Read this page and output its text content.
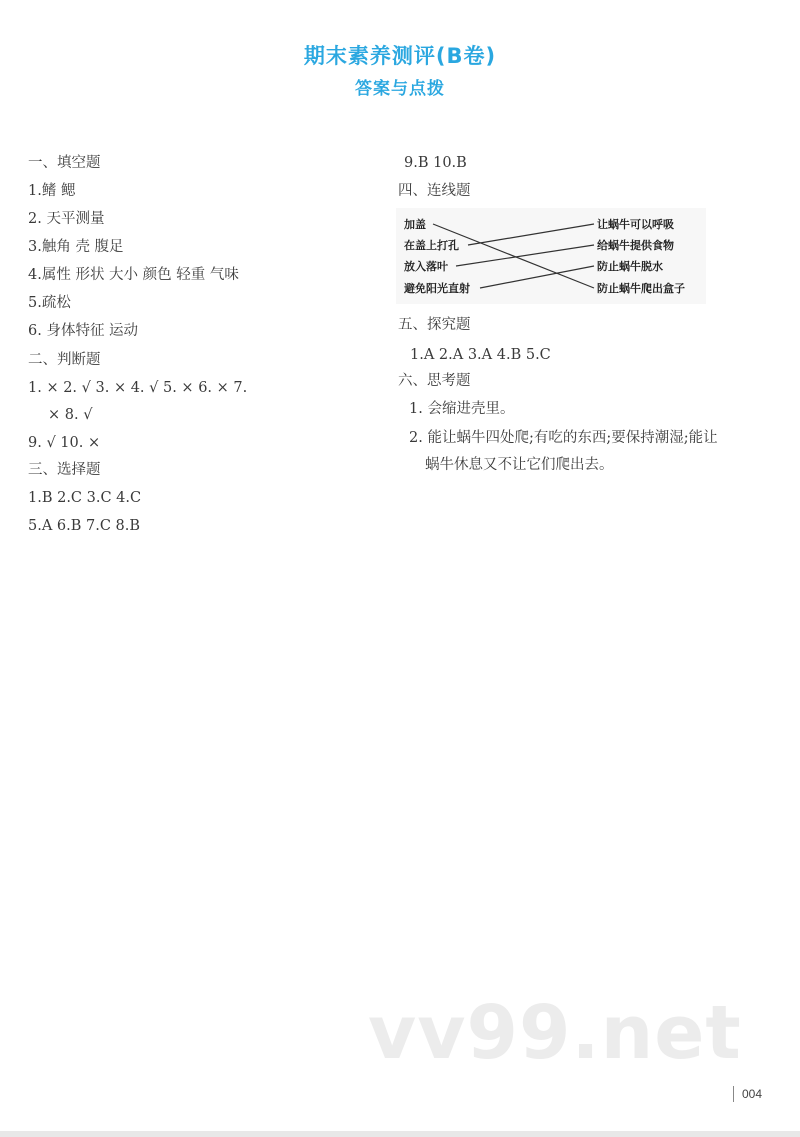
期末素养测评(B卷)
答案与点拨
一、填空题
1.鳍 鳃
2. 天平测量
3.触角 壳 腹足
4.属性 形状 大小 颜色 轻重 气味
5.疏松
6. 身体特征 运动
二、判断题
1. × 2. √ 3. × 4. √ 5. × 6. × 7.
× 8. √
9. √ 10. ×
三、选择题
1.B 2.C 3.C 4.C
5.A 6.B 7.C 8.B
9.B 10.B
四、连线题
加盖
在盖上打孔
放入落叶
避免阳光直射
让蜗牛可以呼吸
给蜗牛提供食物
防止蜗牛脱水
防止蜗牛爬出盒子
五、探究题
1.A 2.A 3.A 4.B 5.C
六、思考题
1. 会缩进壳里。
2. 能让蜗牛四处爬;有吃的东西;要保持潮湿;能让
蜗牛休息又不让它们爬出去。
vv99.net
004
